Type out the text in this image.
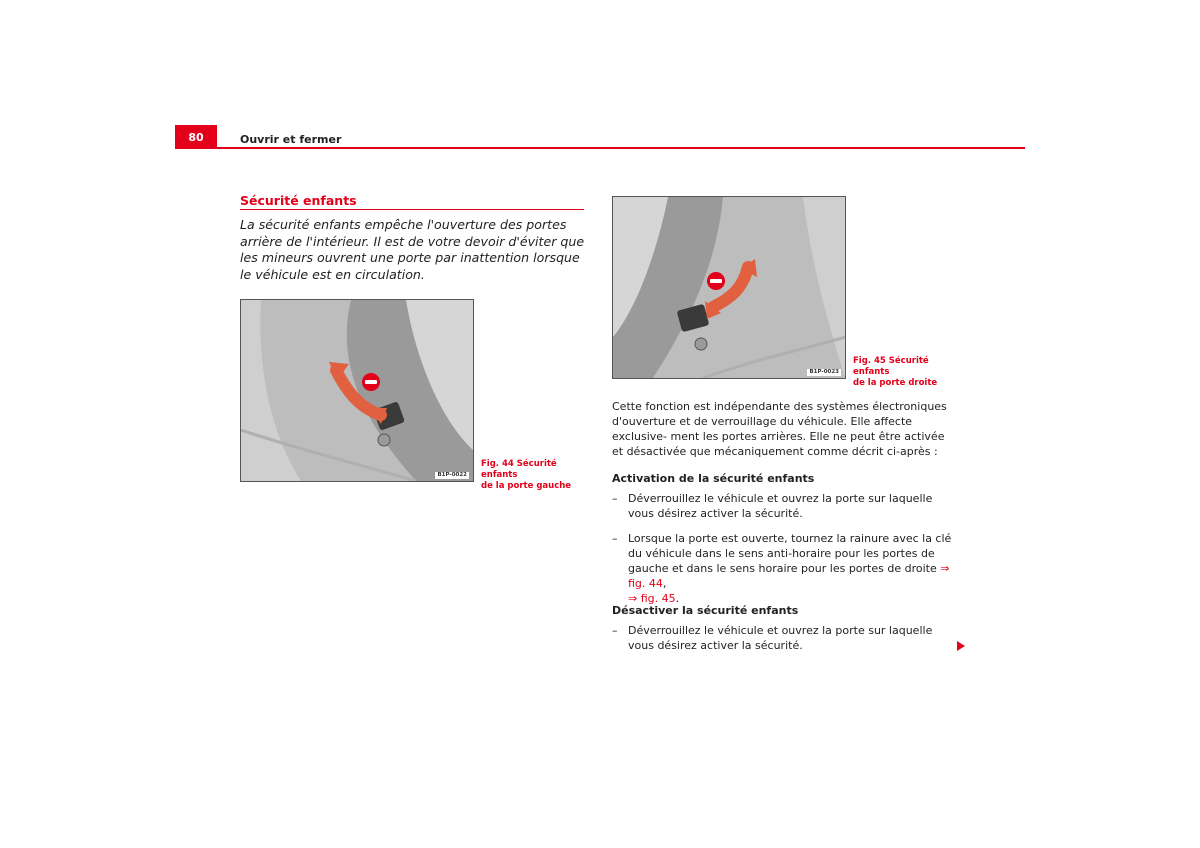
80	Ouvrir et fermer
Sécurité enfants

La sécurité enfants empêche l'ouverture des portes arrière de l'intérieur. Il est de votre devoir d'éviter que les mineurs ouvrent une porte par inattention lorsque le véhicule est en circulation.

B1P-0022
Fig. 44 Sécurité enfants
de la porte gauche
B1P-0023
Fig. 45 Sécurité enfants
de la porte droite

Cette fonction est indépendante des systèmes électroniques d'ouverture et de verrouillage du véhicule. Elle affecte exclusive- ment les portes arrières. Elle ne peut être activée et désactivée que mécaniquement comme décrit ci-après :

Activation de la sécurité enfants
– Déverrouillez le véhicule et ouvrez la porte sur laquelle vous désirez activer la sécurité.
– Lorsque la porte est ouverte, tournez la rainure avec la clé du véhicule dans le sens anti-horaire pour les portes de gauche et dans le sens horaire pour les portes de droite ⇒ fig. 44,
⇒ fig. 45.
Désactiver la sécurité enfants
– Déverrouillez le véhicule et ouvrez la porte sur laquelle vous désirez activer la sécurité.
